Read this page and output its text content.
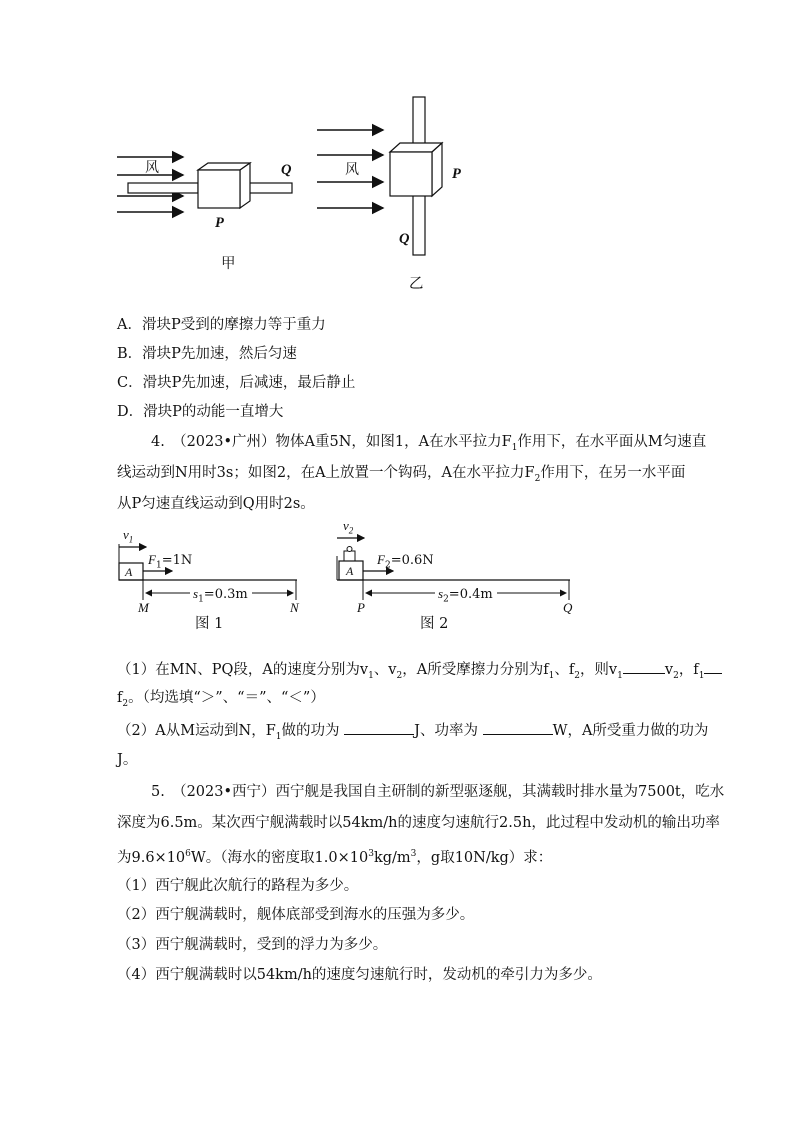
风	Q
P
甲
风	P
Q
乙
A．滑块P受到的摩擦力等于重力
B．滑块P先加速，然后匀速
C．滑块P先加速，后减速，最后静止
D．滑块P的动能一直增大
4.　（2023•广州）物体A重5N，如图1，A在水平拉力$F_1$作用下，在水平面从M匀速直
线运动到N用时3s；如图2，在A上放置一个钩码，A在水平拉力$F_2$作用下，在另一水平面
从P匀速直线运动到Q用时2s。
$v_1$
$F_1=1N$
A
$s_1=0.3m$
M	N
图 1
$v_2$
$F_2=0.6N$
A
$s_2=0.4m$
P	Q
图 2
（1）在MN、PQ段，A的速度分别为$v_1$、$v_2$，A所受摩擦力分别为$f_1$、$f_2$，则$v_1$	$v_2$，$f_1$
$f_2$。（均选填“＞”、“＝”、“＜”）
（2）A从M运动到N，$F_1$做的功为	J、功率为	W，A所受重力做的功为
J。
5.　（2023•西宁）西宁舰是我国自主研制的新型驱逐舰，其满载时排水量为7500t，吃水
深度为6.5m。某次西宁舰满载时以54km/h的速度匀速航行2.5h，此过程中发动机的输出功率
为$9.6\times 10^6W$。（海水的密度取$1.0\times 10^3kg/m^3$，g取10N/kg）求：
（1）西宁舰此次航行的路程为多少。
（2）西宁舰满载时，舰体底部受到海水的压强为多少。
（3）西宁舰满载时，受到的浮力为多少。
（4）西宁舰满载时以54km/h的速度匀速航行时，发动机的牵引力为多少。
